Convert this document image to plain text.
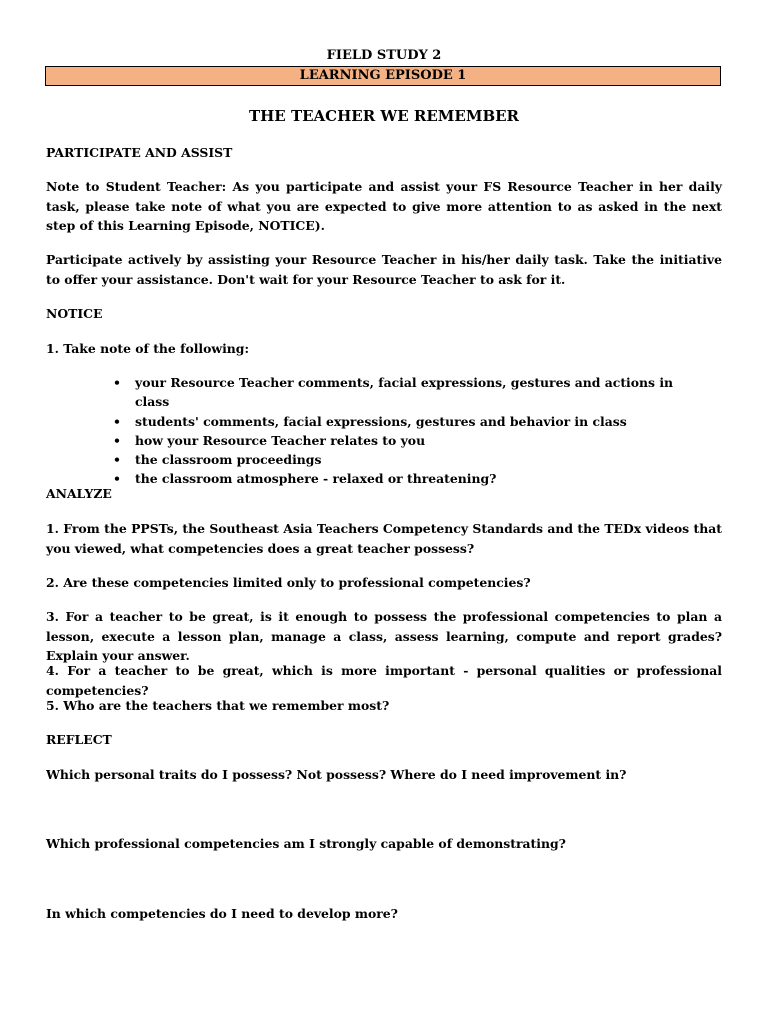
FIELD STUDY 2

LEARNING EPISODE 1

THE TEACHER WE REMEMBER

PARTICIPATE AND ASSIST

Note to Student Teacher: As you participate and assist your FS Resource Teacher in her daily task, please take note of what you are expected to give more attention to as asked in the next step of this Learning Episode, NOTICE).

Participate actively by assisting your Resource Teacher in his/her daily task. Take the initiative to offer your assistance. Don't wait for your Resource Teacher to ask for it.

NOTICE

1. Take note of the following:

• your Resource Teacher comments, facial expressions, gestures and actions in class
• students' comments, facial expressions, gestures and behavior in class
• how your Resource Teacher relates to you
• the classroom proceedings
• the classroom atmosphere - relaxed or threatening?

ANALYZE

1. From the PPSTs, the Southeast Asia Teachers Competency Standards and the TEDx videos that you viewed, what competencies does a great teacher possess?

2. Are these competencies limited only to professional competencies?

3. For a teacher to be great, is it enough to possess the professional competencies to plan a lesson, execute a lesson plan, manage a class, assess learning, compute and report grades? Explain your answer.

4. For a teacher to be great, which is more important - personal qualities or professional competencies?

5. Who are the teachers that we remember most?

REFLECT

Which personal traits do I possess? Not possess? Where do I need improvement in?

Which professional competencies am I strongly capable of demonstrating?

In which competencies do I need to develop more?
